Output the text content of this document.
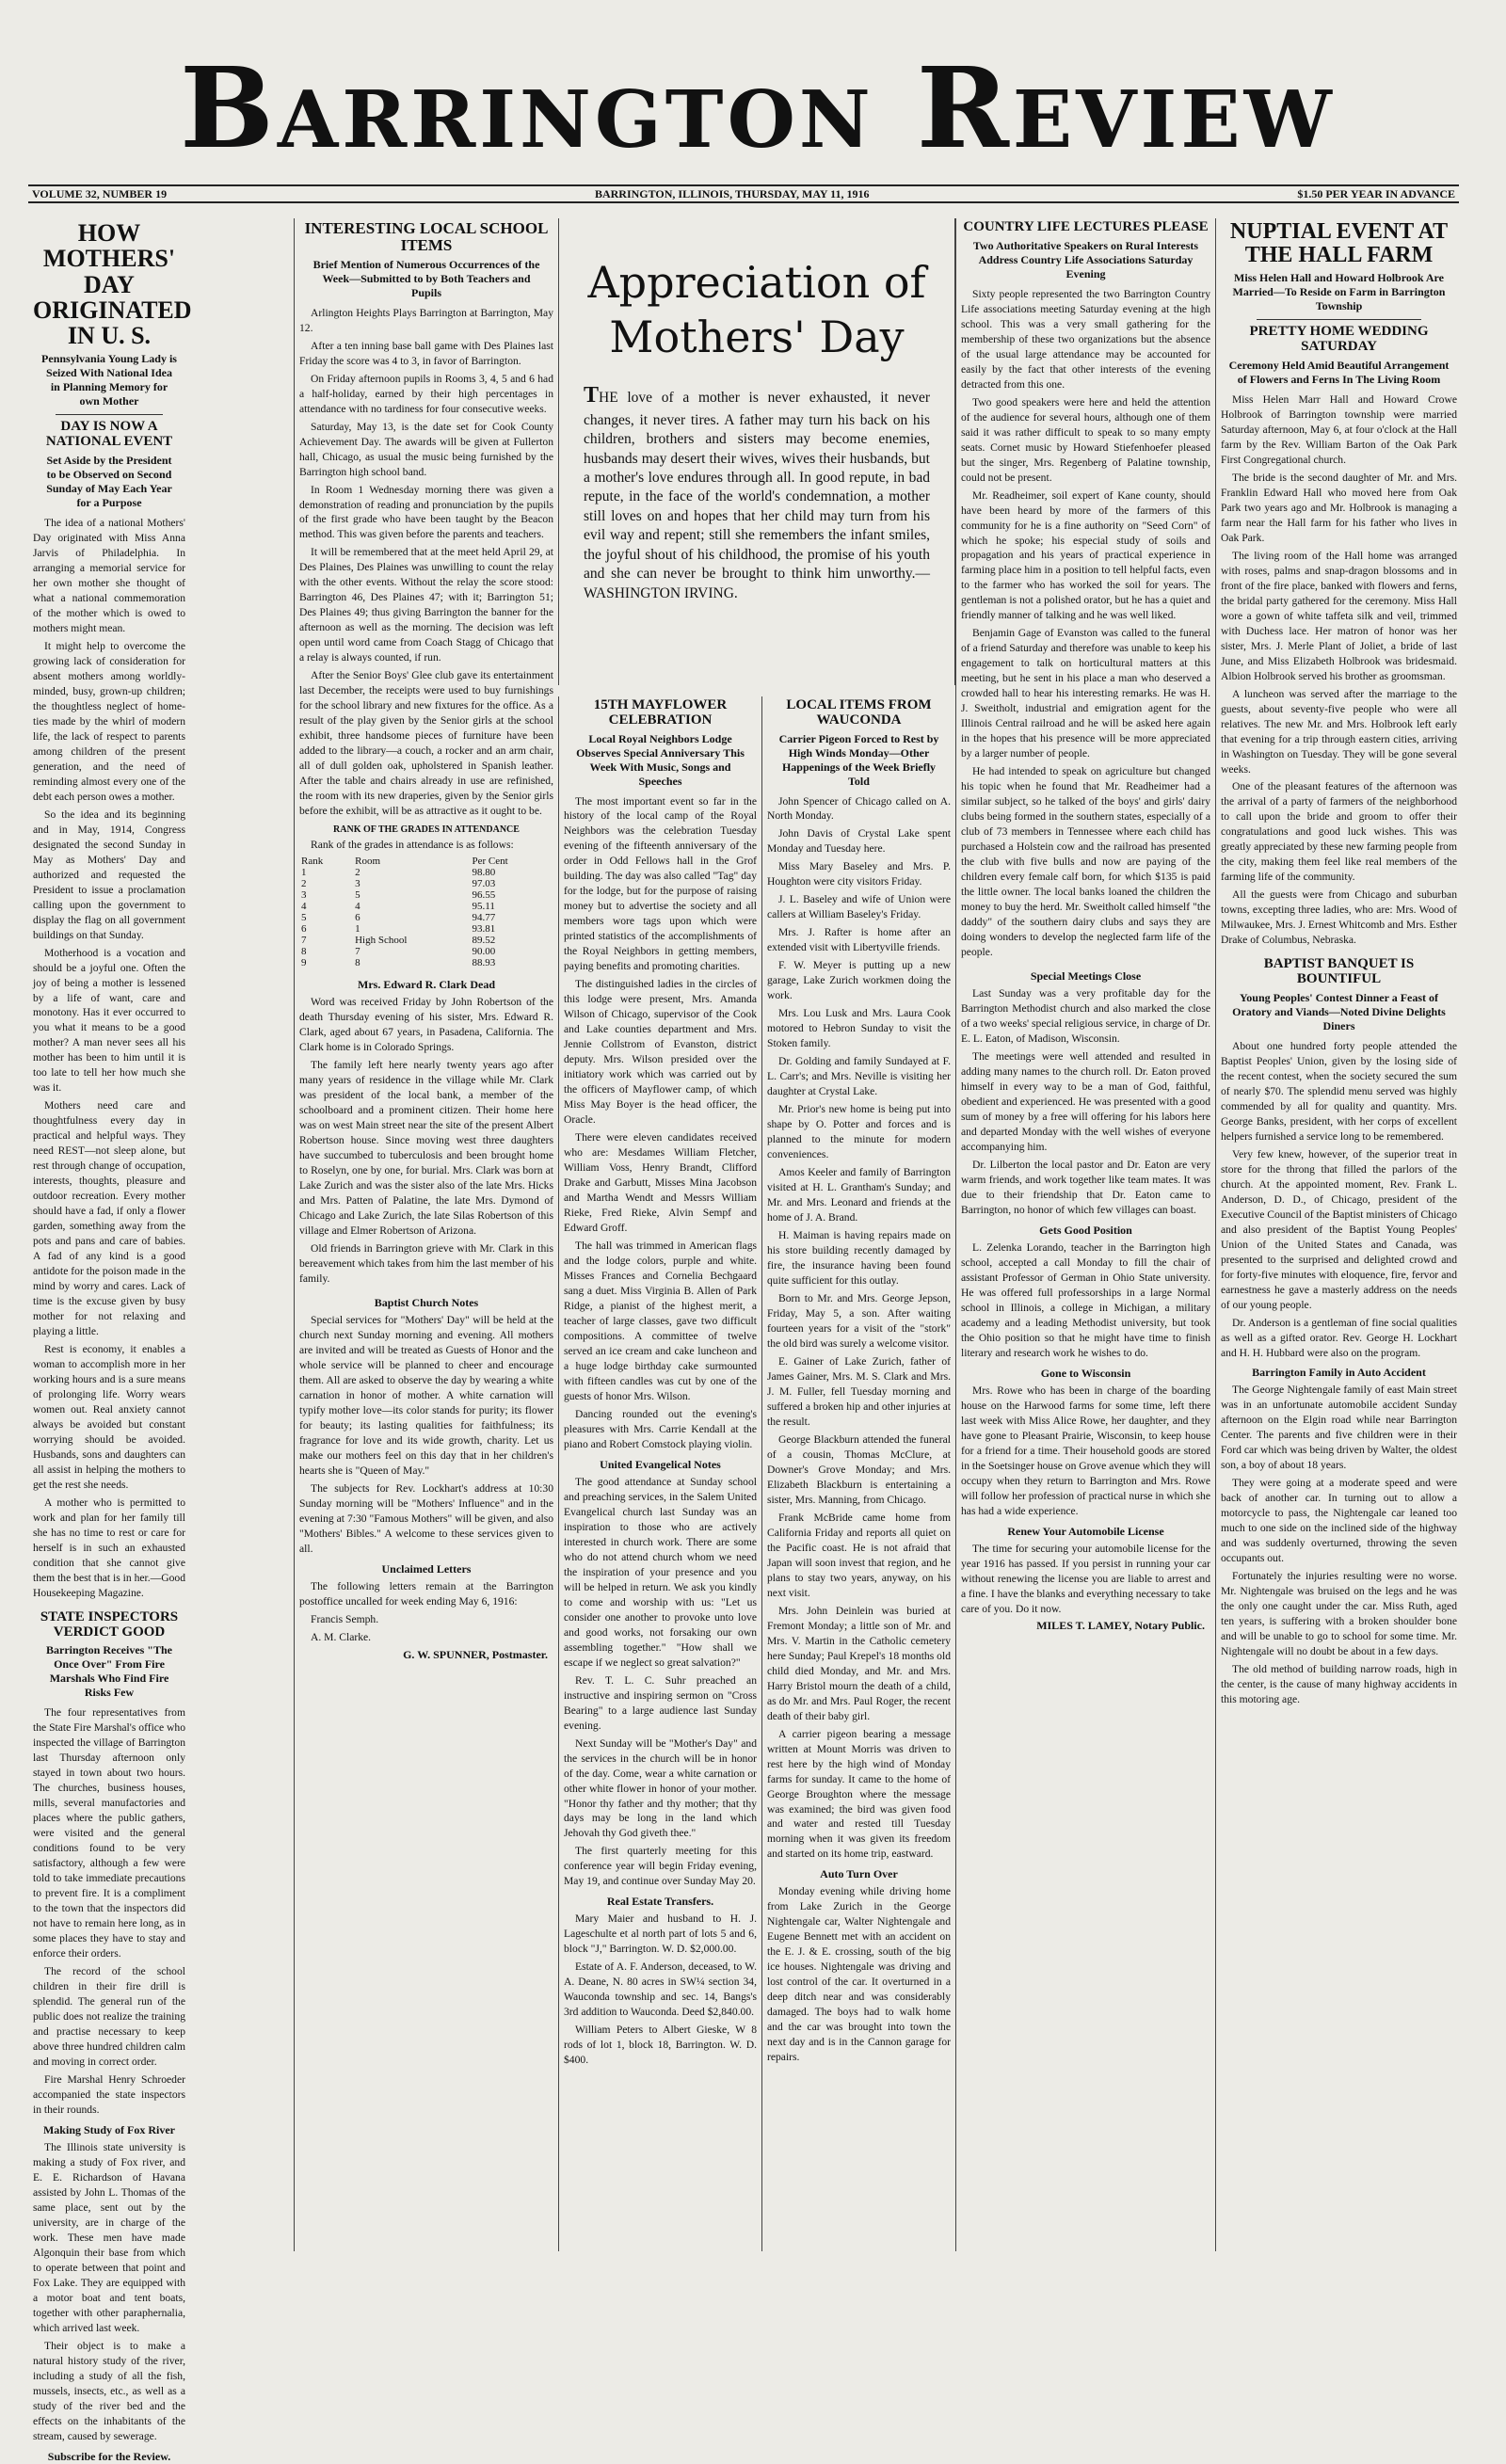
Barrington Review
VOLUME 32, NUMBER 19	BARRINGTON, ILLINOIS, THURSDAY, MAY 11, 1916	$1.50 PER YEAR IN ADVANCE
HOW MOTHERS' DAY ORIGINATED IN U. S.
Pennsylvania Young Lady is Seized With National Idea in Planning Memory for own Mother
DAY IS NOW A NATIONAL EVENT
Set Aside by the President to be Observed on Second Sunday of May Each Year for a Purpose

The idea of a national Mothers' Day originated with Miss Anna Jarvis of Philadelphia. In arranging a memorial service for her own mother she thought of what a national commemoration of the mother which is owed to mothers might mean.

It might help to overcome the growing lack of consideration for absent mothers among worldly-minded, busy, grown-up children; the thoughtless neglect of home-ties made by the whirl of modern life, the lack of respect to parents among children of the present generation, and the need of reminding almost every one of the debt each person owes a mother.

So the idea and its beginning and in May, 1914, Congress designated the second Sunday in May as Mothers' Day and authorized and requested the President to issue a proclamation calling upon the government to display the flag on all government buildings on that Sunday.

Motherhood is a vocation and should be a joyful one. Often the joy of being a mother is lessened by a life of want, care and monotony. Has it ever occurred to you what it means to be a good mother? A man never sees all his mother has been to him until it is too late to tell her how much she was it.

Mothers need care and thoughtfulness every day in practical and helpful ways. They need REST—not sleep alone, but rest through change of occupation, interests, thoughts, pleasure and outdoor recreation. Every mother should have a fad, if only a flower garden, something away from the pots and pans and care of babies. A fad of any kind is a good antidote for the poison made in the mind by worry and cares. Lack of time is the excuse given by busy mother for not relaxing and playing a little.

Rest is economy, it enables a woman to accomplish more in her working hours and is a sure means of prolonging life. Worry wears women out. Real anxiety cannot always be avoided but constant worrying should be avoided. Husbands, sons and daughters can all assist in helping the mothers to get the rest she needs.

A mother who is permitted to work and plan for her family till she has no time to rest or care for herself is in such an exhausted condition that she cannot give them the best that is in her.—Good Housekeeping Magazine.

STATE INSPECTORS VERDICT GOOD
Barrington Receives "The Once Over" From Fire Marshals Who Find Fire Risks Few

The four representatives from the State Fire Marshal's office who inspected the village of Barrington last Thursday afternoon only stayed in town about two hours. The churches, business houses, mills, several manufactories and places where the public gathers, were visited and the general conditions found to be very satisfactory, although a few were told to take immediate precautions to prevent fire. It is a compliment to the town that the inspectors did not have to remain here long, as in some places they have to stay and enforce their orders.

The record of the school children in their fire drill is splendid. The general run of the public does not realize the training and practise necessary to keep above three hundred children calm and moving in correct order.

Fire Marshal Henry Schroeder accompanied the state inspectors in their rounds.

Making Study of Fox River

The Illinois state university is making a study of Fox river, and E. E. Richardson of Havana assisted by John L. Thomas of the same place, sent out by the university, are in charge of the work. These men have made Algonquin their base from which to operate between that point and Fox Lake. They are equipped with a motor boat and tent boats, together with other paraphernalia, which arrived last week.

Their object is to make a natural history study of the river, including a study of all the fish, mussels, insects, etc., as well as a study of the river bed and the effects on the inhabitants of the stream, caused by sewerage.

Subscribe for the Review.
INTERESTING LOCAL SCHOOL ITEMS
Brief Mention of Numerous Occurrences of the Week—Submitted to by Both Teachers and Pupils

Arlington Heights Plays Barrington at Barrington, May 12.

After a ten inning base ball game with Des Plaines last Friday the score was 4 to 3, in favor of Barrington.

On Friday afternoon pupils in Rooms 3, 4, 5 and 6 had a half-holiday, earned by their high percentages in attendance with no tardiness for four consecutive weeks.

Saturday, May 13, is the date set for Cook County Achievement Day. The awards will be given at Fullerton hall, Chicago, as usual the music being furnished by the Barrington high school band.

In Room 1 Wednesday morning there was given a demonstration of reading and pronunciation by the pupils of the first grade who have been taught by the Beacon method. This was given before the parents and teachers.

It will be remembered that at the meet held April 29, at Des Plaines, Des Plaines was unwilling to count the relay with the other events. Without the relay the score stood: Barrington 46, Des Plaines 47; with it; Barrington 51; Des Plaines 49; thus giving Barrington the banner for the afternoon as well as the morning. The decision was left open until word came from Coach Stagg of Chicago that a relay is always counted, if run.

After the Senior Boys' Glee club gave its entertainment last December, the receipts were used to buy furnishings for the school library and new fixtures for the office. As a result of the play given by the Senior girls at the school exhibit, three handsome pieces of furniture have been added to the library—a couch, a rocker and an arm chair, all of dull golden oak, upholstered in Spanish leather. After the table and chairs already in use are refinished, the room with its new draperies, given by the Senior girls before the exhibit, will be as attractive as it ought to be.

RANK OF THE GRADES IN ATTENDANCE

Rank of the grades in attendance is as follows:

Rank	Room	Per Cent
1	2	98.80
2	3	97.03
3	5	96.55
4	4	95.11
5	6	94.77
6	1	93.81
7	High School	89.52
8	7	90.00
9	8	88.93
Mrs. Edward R. Clark Dead

Word was received Friday by John Robertson of the death Thursday evening of his sister, Mrs. Edward R. Clark, aged about 67 years, in Pasadena, California. The Clark home is in Colorado Springs.

The family left here nearly twenty years ago after many years of residence in the village while Mr. Clark was president of the local bank, a member of the schoolboard and a prominent citizen. Their home here was on west Main street near the site of the present Albert Robertson house. Since moving west three daughters have succumbed to tuberculosis and been brought home to Roselyn, one by one, for burial. Mrs. Clark was born at Lake Zurich and was the sister also of the late Mrs. Hicks and Mrs. Patten of Palatine, the late Mrs. Dymond of Chicago and Lake Zurich, the late Silas Robertson of this village and Elmer Robertson of Arizona.

Old friends in Barrington grieve with Mr. Clark in this bereavement which takes from him the last member of his family.

Baptist Church Notes

Special services for "Mothers' Day" will be held at the church next Sunday morning and evening. All mothers are invited and will be treated as Guests of Honor and the whole service will be planned to cheer and encourage them. All are asked to observe the day by wearing a white carnation in honor of mother. A white carnation will typify mother love—its color stands for purity; its flower for beauty; its lasting qualities for faithfulness; its fragrance for love and its wide growth, charity. Let us make our mothers feel on this day that in her children's hearts she is "Queen of May."

The subjects for Rev. Lockhart's address at 10:30 Sunday morning will be "Mothers' Influence" and in the evening at 7:30 "Famous Mothers" will be given, and also "Mothers' Bibles." A welcome to these services given to all.

Unclaimed Letters

The following letters remain at the Barrington postoffice uncalled for week ending May 6, 1916:

Francis Semph.

A. M. Clarke.

G. W. SPUNNER, Postmaster.
Appreciation of Mothers' Day
THE love of a mother is never exhausted, it never changes, it never tires. A father may turn his back on his children, brothers and sisters may become enemies, husbands may desert their wives, wives their husbands, but a mother's love endures through all. In good repute, in bad repute, in the face of the world's condemnation, a mother still loves on and hopes that her child may turn from his evil way and repent; still she remembers the infant smiles, the joyful shout of his childhood, the promise of his youth and she can never be brought to think him unworthy.—WASHINGTON IRVING.
15TH MAYFLOWER CELEBRATION
Local Royal Neighbors Lodge Observes Special Anniversary This Week With Music, Songs and Speeches

The most important event so far in the history of the local camp of the Royal Neighbors was the celebration Tuesday evening of the fifteenth anniversary of the order in Odd Fellows hall in the Grof building. The day was also called "Tag" day for the lodge, but for the purpose of raising money but to advertise the society and all members wore tags upon which were printed statistics of the accomplishments of the Royal Neighbors in getting members, paying benefits and promoting charities.

The distinguished ladies in the circles of this lodge were present, Mrs. Amanda Wilson of Chicago, supervisor of the Cook and Lake counties department and Mrs. Jennie Collstrom of Evanston, district deputy. Mrs. Wilson presided over the initiatory work which was carried out by the officers of Mayflower camp, of which Miss May Boyer is the head officer, the Oracle.

There were eleven candidates received who are: Mesdames William Fletcher, William Voss, Henry Brandt, Clifford Drake and Garbutt, Misses Mina Jacobson and Martha Wendt and Messrs William Rieke, Fred Rieke, Alvin Sempf and Edward Groff.

The hall was trimmed in American flags and the lodge colors, purple and white. Misses Frances and Cornelia Bechgaard sang a duet. Miss Virginia B. Allen of Park Ridge, a pianist of the highest merit, a teacher of large classes, gave two difficult compositions. A committee of twelve served an ice cream and cake luncheon and a huge lodge birthday cake surmounted with fifteen candles was cut by one of the guests of honor Mrs. Wilson.

Dancing rounded out the evening's pleasures with Mrs. Carrie Kendall at the piano and Robert Comstock playing violin.

United Evangelical Notes

The good attendance at Sunday school and preaching services, in the Salem United Evangelical church last Sunday was an inspiration to those who are actively interested in church work. There are some who do not attend church whom we need the inspiration of your presence and you will be helped in return. We ask you kindly to come and worship with us: "Let us consider one another to provoke unto love and good works, not forsaking our own assembling together." "How shall we escape if we neglect so great salvation?"

Rev. T. L. C. Suhr preached an instructive and inspiring sermon on "Cross Bearing" to a large audience last Sunday evening.

Next Sunday will be "Mother's Day" and the services in the church will be in honor of the day. Come, wear a white carnation or other white flower in honor of your mother. "Honor thy father and thy mother; that thy days may be long in the land which Jehovah thy God giveth thee."

The first quarterly meeting for this conference year will begin Friday evening, May 19, and continue over Sunday May 20.

Real Estate Transfers.

Mary Maier and husband to H. J. Lageschulte et al north part of lots 5 and 6, block "J," Barrington. W. D. $2,000.00.

Estate of A. F. Anderson, deceased, to W. A. Deane, N. 80 acres in SW¼ section 34, Wauconda township and sec. 14, Bangs's 3rd addition to Wauconda. Deed $2,840.00.

William Peters to Albert Gieske, W 8 rods of lot 1, block 18, Barrington. W. D. $400.

LOCAL ITEMS FROM WAUCONDA
Carrier Pigeon Forced to Rest by High Winds Monday—Other Happenings of the Week Briefly Told

John Spencer of Chicago called on A. North Monday.

John Davis of Crystal Lake spent Monday and Tuesday here.

Miss Mary Baseley and Mrs. P. Houghton were city visitors Friday.

J. L. Baseley and wife of Union were callers at William Baseley's Friday.

Mrs. J. Rafter is home after an extended visit with Libertyville friends.

F. W. Meyer is putting up a new garage, Lake Zurich workmen doing the work.

Mrs. Lou Lusk and Mrs. Laura Cook motored to Hebron Sunday to visit the Stoken family.

Dr. Golding and family Sundayed at F. L. Carr's; and Mrs. Neville is visiting her daughter at Crystal Lake.

Mr. Prior's new home is being put into shape by O. Potter and forces and is planned to the minute for modern conveniences.

Amos Keeler and family of Barrington visited at H. L. Grantham's Sunday; and Mr. and Mrs. Leonard and friends at the home of J. A. Brand.

H. Maiman is having repairs made on his store building recently damaged by fire, the insurance having been found quite sufficient for this outlay.

Born to Mr. and Mrs. George Jepson, Friday, May 5, a son. After waiting fourteen years for a visit of the "stork" the old bird was surely a welcome visitor.

E. Gainer of Lake Zurich, father of James Gainer, Mrs. M. S. Clark and Mrs. J. M. Fuller, fell Tuesday morning and suffered a broken hip and other injuries at the result.

George Blackburn attended the funeral of a cousin, Thomas McClure, at Downer's Grove Monday; and Mrs. Elizabeth Blackburn is entertaining a sister, Mrs. Manning, from Chicago.

Frank McBride came home from California Friday and reports all quiet on the Pacific coast. He is not afraid that Japan will soon invest that region, and he plans to stay two years, anyway, on his next visit.

Mrs. John Deinlein was buried at Fremont Monday; a little son of Mr. and Mrs. V. Martin in the Catholic cemetery here Sunday; Paul Krepel's 18 months old child died Monday, and Mr. and Mrs. Harry Bristol mourn the death of a child, as do Mr. and Mrs. Paul Roger, the recent death of their baby girl.

A carrier pigeon bearing a message written at Mount Morris was driven to rest here by the high wind of Monday farms for sunday. It came to the home of George Broughton where the message was examined; the bird was given food and water and rested till Tuesday morning when it was given its freedom and started on its home trip, eastward.

Auto Turn Over

Monday evening while driving home from Lake Zurich in the George Nightengale car, Walter Nightengale and Eugene Bennett met with an accident on the E. J. & E. crossing, south of the big ice houses. Nightengale was driving and lost control of the car. It overturned in a deep ditch near and was considerably damaged. The boys had to walk home and the car was brought into town the next day and is in the Cannon garage for repairs.

COUNTRY LIFE LECTURES PLEASE
Two Authoritative Speakers on Rural Interests Address Country Life Associations Saturday Evening

Sixty people represented the two Barrington Country Life associations meeting Saturday evening at the high school. This was a very small gathering for the membership of these two organizations but the absence of the usual large attendance may be accounted for easily by the fact that other interests of the evening detracted from this one.

Two good speakers were here and held the attention of the audience for several hours, although one of them said it was rather difficult to speak to so many empty seats. Cornet music by Howard Stiefenhoefer pleased but the singer, Mrs. Regenberg of Palatine township, could not be present.

Mr. Readheimer, soil expert of Kane county, should have been heard by more of the farmers of this community for he is a fine authority on "Seed Corn" of which he spoke; his especial study of soils and propagation and his years of practical experience in farming place him in a position to tell helpful facts, even to the farmer who has worked the soil for years. The gentleman is not a polished orator, but he has a quiet and friendly manner of talking and he was well liked.

Benjamin Gage of Evanston was called to the funeral of a friend Saturday and therefore was unable to keep his engagement to talk on horticultural matters at this meeting, but he sent in his place a man who deserved a crowded hall to hear his interesting remarks. He was H. J. Sweitholt, industrial and emigration agent for the Illinois Central railroad and he will be asked here again in the hopes that his presence will be more appreciated by a larger number of people.

He had intended to speak on agriculture but changed his topic when he found that Mr. Readheimer had a similar subject, so he talked of the boys' and girls' dairy clubs being formed in the southern states, especially of a club of 73 members in Tennessee where each child has purchased a Holstein cow and the railroad has presented the club with five bulls and now are paying of the children every female calf born, for which $135 is paid the little owner. The local banks loaned the children the money to buy the herd. Mr. Sweitholt called himself "the daddy" of the southern dairy clubs and says they are doing wonders to develop the neglected farm life of the people.

Special Meetings Close

Last Sunday was a very profitable day for the Barrington Methodist church and also marked the close of a two weeks' special religious service, in charge of Dr. E. L. Eaton, of Madison, Wisconsin.

The meetings were well attended and resulted in adding many names to the church roll. Dr. Eaton proved himself in every way to be a man of God, faithful, obedient and experienced. He was presented with a good sum of money by a free will offering for his labors here and departed Monday with the well wishes of everyone accompanying him.

Dr. Lilberton the local pastor and Dr. Eaton are very warm friends, and work together like team mates. It was due to their friendship that Dr. Eaton came to Barrington, no honor of which few villages can boast.

Gets Good Position

L. Zelenka Lorando, teacher in the Barrington high school, accepted a call Monday to fill the chair of assistant Professor of German in Ohio State university. He was offered full professorships in a large Normal school in Illinois, a college in Michigan, a military academy and a leading Methodist university, but took the Ohio position so that he might have time to finish literary and research work he wishes to do.

Gone to Wisconsin

Mrs. Rowe who has been in charge of the boarding house on the Harwood farms for some time, left there last week with Miss Alice Rowe, her daughter, and they have gone to Pleasant Prairie, Wisconsin, to keep house for a friend for a time. Their household goods are stored in the Soetsinger house on Grove avenue which they will occupy when they return to Barrington and Mrs. Rowe will follow her profession of practical nurse in which she has had a wide experience.

Renew Your Automobile License

The time for securing your automobile license for the year 1916 has passed. If you persist in running your car without renewing the license you are liable to arrest and a fine. I have the blanks and everything necessary to take care of you. Do it now.

MILES T. LAMEY, Notary Public.
NUPTIAL EVENT AT THE HALL FARM
Miss Helen Hall and Howard Holbrook Are Married—To Reside on Farm in Barrington Township
PRETTY HOME WEDDING SATURDAY
Ceremony Held Amid Beautiful Arrangement of Flowers and Ferns In The Living Room

Miss Helen Marr Hall and Howard Crowe Holbrook of Barrington township were married Saturday afternoon, May 6, at four o'clock at the Hall farm by the Rev. William Barton of the Oak Park First Congregational church.

The bride is the second daughter of Mr. and Mrs. Franklin Edward Hall who moved here from Oak Park two years ago and Mr. Holbrook is managing a farm near the Hall farm for his father who lives in Oak Park.

The living room of the Hall home was arranged with roses, palms and snap-dragon blossoms and in front of the fire place, banked with flowers and ferns, the bridal party gathered for the ceremony. Miss Hall wore a gown of white taffeta silk and veil, trimmed with Duchess lace. Her matron of honor was her sister, Mrs. J. Merle Plant of Joliet, a bride of last June, and Miss Elizabeth Holbrook was bridesmaid. Albion Holbrook served his brother as groomsman.

A luncheon was served after the marriage to the guests, about seventy-five people who were all relatives. The new Mr. and Mrs. Holbrook left early that evening for a trip through eastern cities, arriving in Washington on Tuesday. They will be gone several weeks.

One of the pleasant features of the afternoon was the arrival of a party of farmers of the neighborhood to call upon the bride and groom to offer their congratulations and good luck wishes. This was greatly appreciated by these new farming people from the city, making them feel like real members of the farming life of the community.

All the guests were from Chicago and suburban towns, excepting three ladies, who are: Mrs. Wood of Milwaukee, Mrs. J. Ernest Whitcomb and Mrs. Esther Drake of Columbus, Nebraska.

BAPTIST BANQUET IS BOUNTIFUL
Young Peoples' Contest Dinner a Feast of Oratory and Viands—Noted Divine Delights Diners

About one hundred forty people attended the Baptist Peoples' Union, given by the losing side of the recent contest, when the society secured the sum of nearly $70. The splendid menu served was highly commended by all for quality and quantity. Mrs. George Banks, president, with her corps of excellent helpers furnished a service long to be remembered.

Very few knew, however, of the superior treat in store for the throng that filled the parlors of the church. At the appointed moment, Rev. Frank L. Anderson, D. D., of Chicago, president of the Executive Council of the Baptist ministers of Chicago and also president of the Baptist Young Peoples' Union of the United States and Canada, was presented to the surprised and delighted crowd and for forty-five minutes with eloquence, fire, fervor and earnestness he gave a masterly address on the needs of our young people.

Dr. Anderson is a gentleman of fine social qualities as well as a gifted orator. Rev. George H. Lockhart and H. H. Hubbard were also on the program.

Barrington Family in Auto Accident

The George Nightengale family of east Main street was in an unfortunate automobile accident Sunday afternoon on the Elgin road while near Barrington Center. The parents and five children were in their Ford car which was being driven by Walter, the oldest son, a boy of about 18 years.

They were going at a moderate speed and were back of another car. In turning out to allow a motorcycle to pass, the Nightengale car leaned too much to one side on the inclined side of the highway and was suddenly overturned, throwing the seven occupants out.

Fortunately the injuries resulting were no worse. Mr. Nightengale was bruised on the legs and he was the only one caught under the car. Miss Ruth, aged ten years, is suffering with a broken shoulder bone and will be unable to go to school for some time. Mr. Nightengale will no doubt be about in a few days.

The old method of building narrow roads, high in the center, is the cause of many highway accidents in this motoring age.
